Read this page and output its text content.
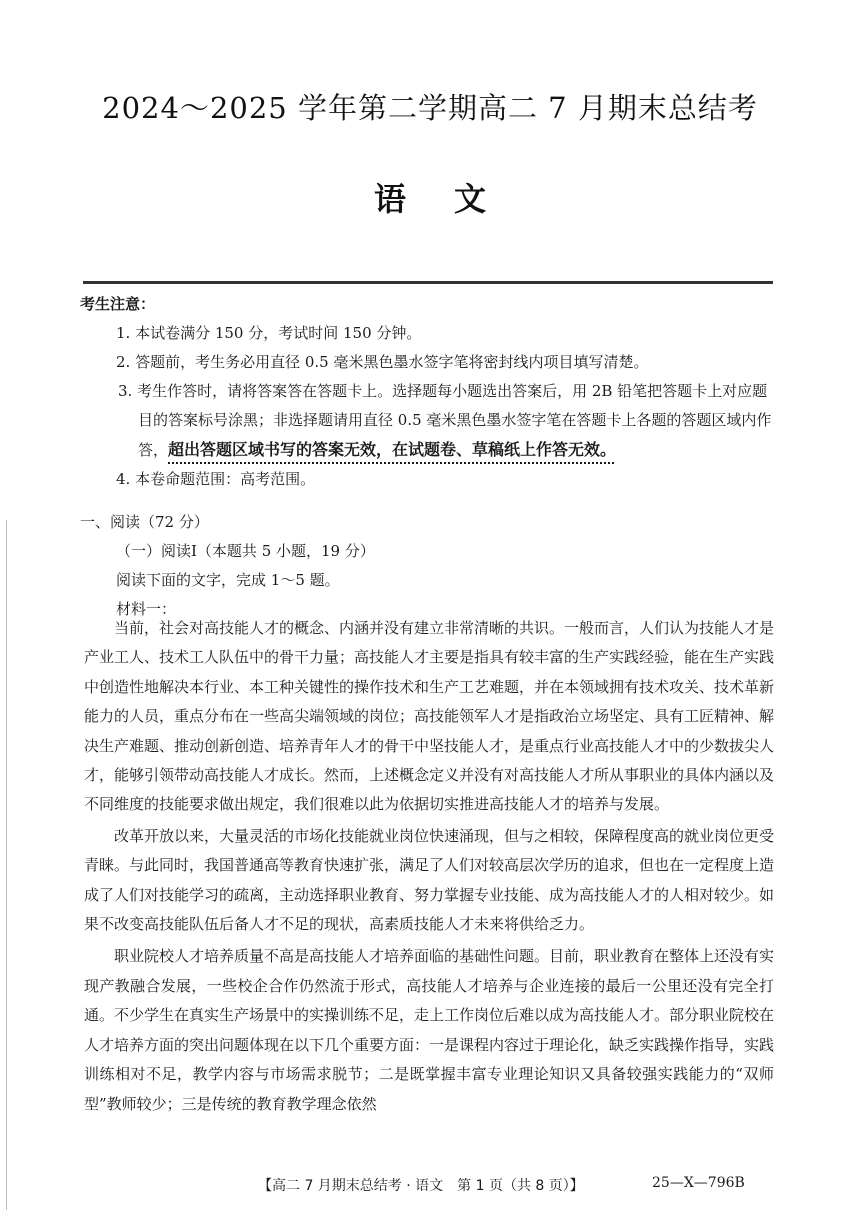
2024～2025 学年第二学期高二 7 月期末总结考
语文
考生注意：
1. 本试卷满分 150 分，考试时间 150 分钟。
2. 答题前，考生务必用直径 0.5 毫米黑色墨水签字笔将密封线内项目填写清楚。
3. 考生作答时，请将答案答在答题卡上。选择题每小题选出答案后，用 2B 铅笔把答题卡上对应题目的答案标号涂黑；非选择题请用直径 0.5 毫米黑色墨水签字笔在答题卡上各题的答题区域内作答，超出答题区域书写的答案无效，在试题卷、草稿纸上作答无效。
4. 本卷命题范围：高考范围。
一、阅读（72 分）
（一）阅读Ⅰ（本题共 5 小题，19 分）
阅读下面的文字，完成 1～5 题。
材料一：

当前，社会对高技能人才的概念、内涵并没有建立非常清晰的共识。一般而言，人们认为技能人才是产业工人、技术工人队伍中的骨干力量；高技能人才主要是指具有较丰富的生产实践经验，能在生产实践中创造性地解决本行业、本工种关键性的操作技术和生产工艺难题，并在本领域拥有技术攻关、技术革新能力的人员，重点分布在一些高尖端领域的岗位；高技能领军人才是指政治立场坚定、具有工匠精神、解决生产难题、推动创新创造、培养青年人才的骨干中坚技能人才，是重点行业高技能人才中的少数拔尖人才，能够引领带动高技能人才成长。然而，上述概念定义并没有对高技能人才所从事职业的具体内涵以及不同维度的技能要求做出规定，我们很难以此为依据切实推进高技能人才的培养与发展。

改革开放以来，大量灵活的市场化技能就业岗位快速涌现，但与之相较，保障程度高的就业岗位更受青睐。与此同时，我国普通高等教育快速扩张，满足了人们对较高层次学历的追求，但也在一定程度上造成了人们对技能学习的疏离，主动选择职业教育、努力掌握专业技能、成为高技能人才的人相对较少。如果不改变高技能队伍后备人才不足的现状，高素质技能人才未来将供给乏力。

职业院校人才培养质量不高是高技能人才培养面临的基础性问题。目前，职业教育在整体上还没有实现产教融合发展，一些校企合作仍然流于形式，高技能人才培养与企业连接的最后一公里还没有完全打通。不少学生在真实生产场景中的实操训练不足，走上工作岗位后难以成为高技能人才。部分职业院校在人才培养方面的突出问题体现在以下几个重要方面：一是课程内容过于理论化，缺乏实践操作指导，实践训练相对不足，教学内容与市场需求脱节；二是既掌握丰富专业理论知识又具备较强实践能力的“双师型”教师较少；三是传统的教育教学理念依然

【高二 7 月期末总结考 · 语文　第 1 页（共 8 页）】	25—X—796B
